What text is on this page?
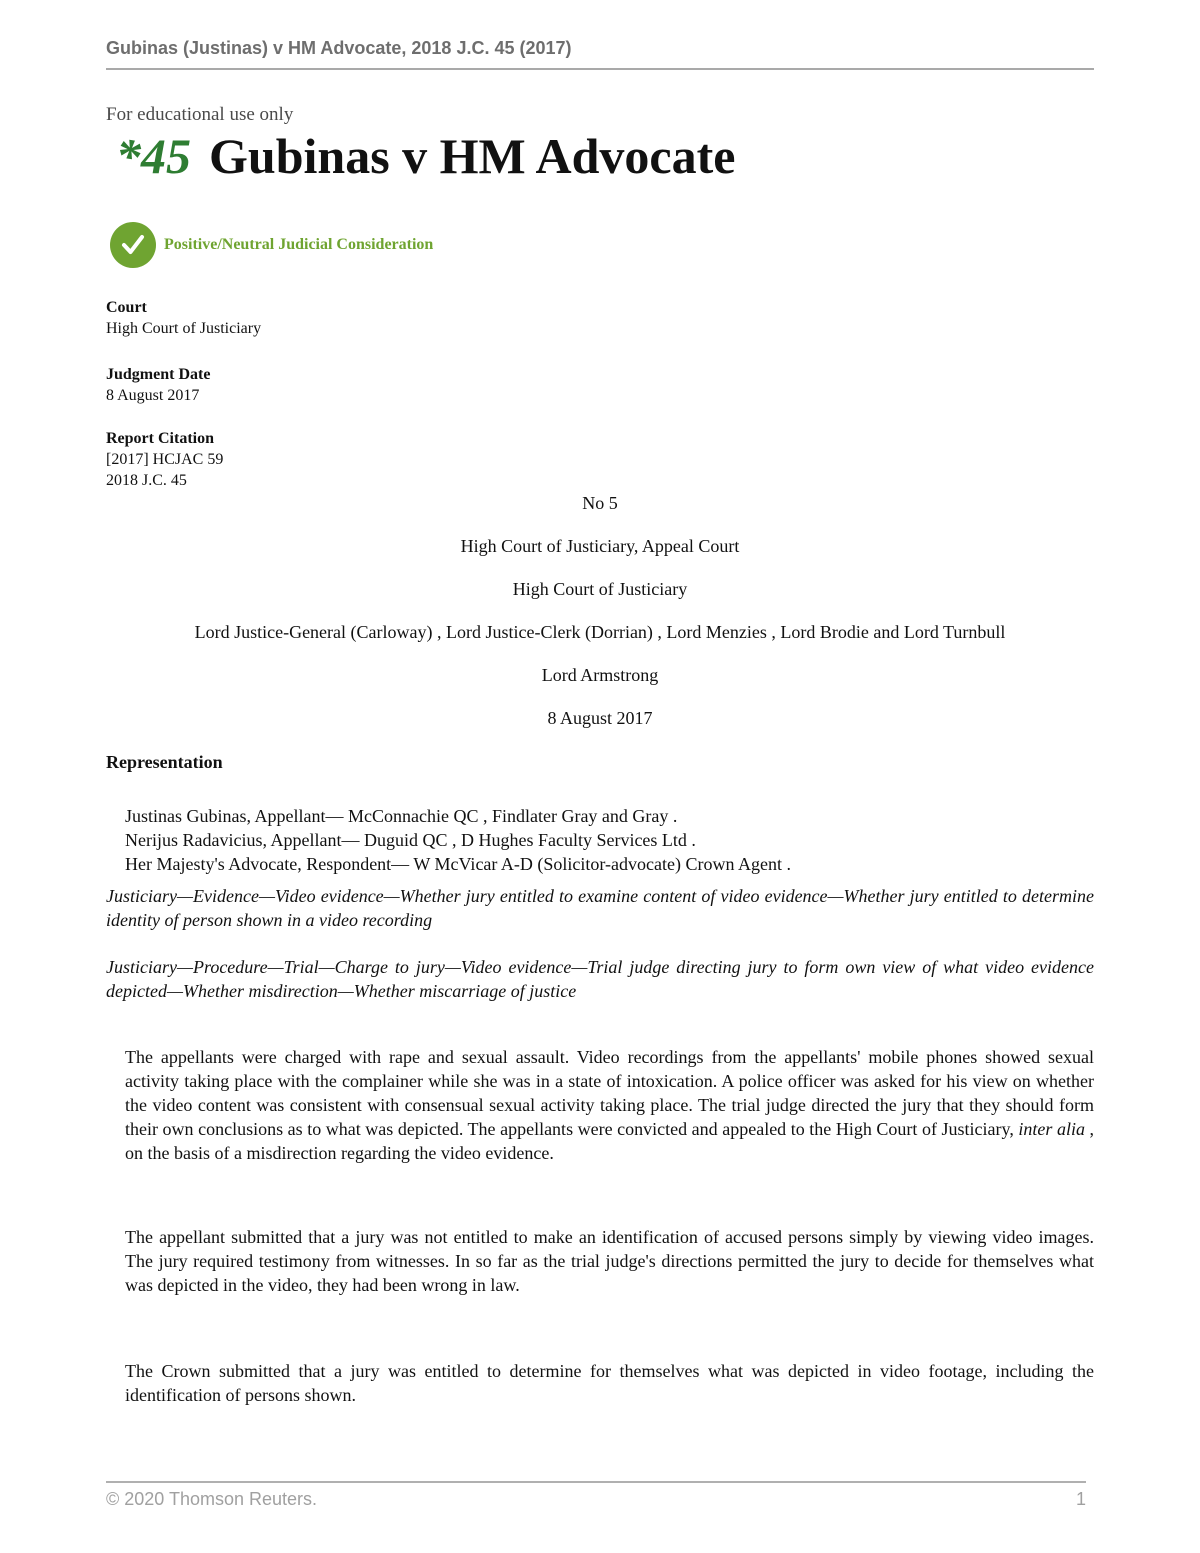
Gubinas (Justinas) v HM Advocate, 2018 J.C. 45 (2017)
For educational use only
*45 Gubinas v HM Advocate
Positive/Neutral Judicial Consideration
Court
High Court of Justiciary
Judgment Date
8 August 2017
Report Citation
[2017] HCJAC 59
2018 J.C. 45
No 5
High Court of Justiciary, Appeal Court
High Court of Justiciary
Lord Justice-General (Carloway) , Lord Justice-Clerk (Dorrian) , Lord Menzies , Lord Brodie and Lord Turnbull
Lord Armstrong
8 August 2017
Representation
Justinas Gubinas, Appellant— McConnachie QC , Findlater Gray and Gray .
Nerijus Radavicius, Appellant— Duguid QC , D Hughes Faculty Services Ltd .
Her Majesty's Advocate, Respondent— W McVicar A-D (Solicitor-advocate) Crown Agent .
Justiciary—Evidence—Video evidence—Whether jury entitled to examine content of video evidence—Whether jury entitled to determine identity of person shown in a video recording
Justiciary—Procedure—Trial—Charge to jury—Video evidence—Trial judge directing jury to form own view of what video evidence depicted—Whether misdirection—Whether miscarriage of justice
The appellants were charged with rape and sexual assault. Video recordings from the appellants' mobile phones showed sexual activity taking place with the complainer while she was in a state of intoxication. A police officer was asked for his view on whether the video content was consistent with consensual sexual activity taking place. The trial judge directed the jury that they should form their own conclusions as to what was depicted. The appellants were convicted and appealed to the High Court of Justiciary, inter alia , on the basis of a misdirection regarding the video evidence.
The appellant submitted that a jury was not entitled to make an identification of accused persons simply by viewing video images. The jury required testimony from witnesses. In so far as the trial judge's directions permitted the jury to decide for themselves what was depicted in the video, they had been wrong in law.
The Crown submitted that a jury was entitled to determine for themselves what was depicted in video footage, including the identification of persons shown.
© 2020 Thomson Reuters.	1
